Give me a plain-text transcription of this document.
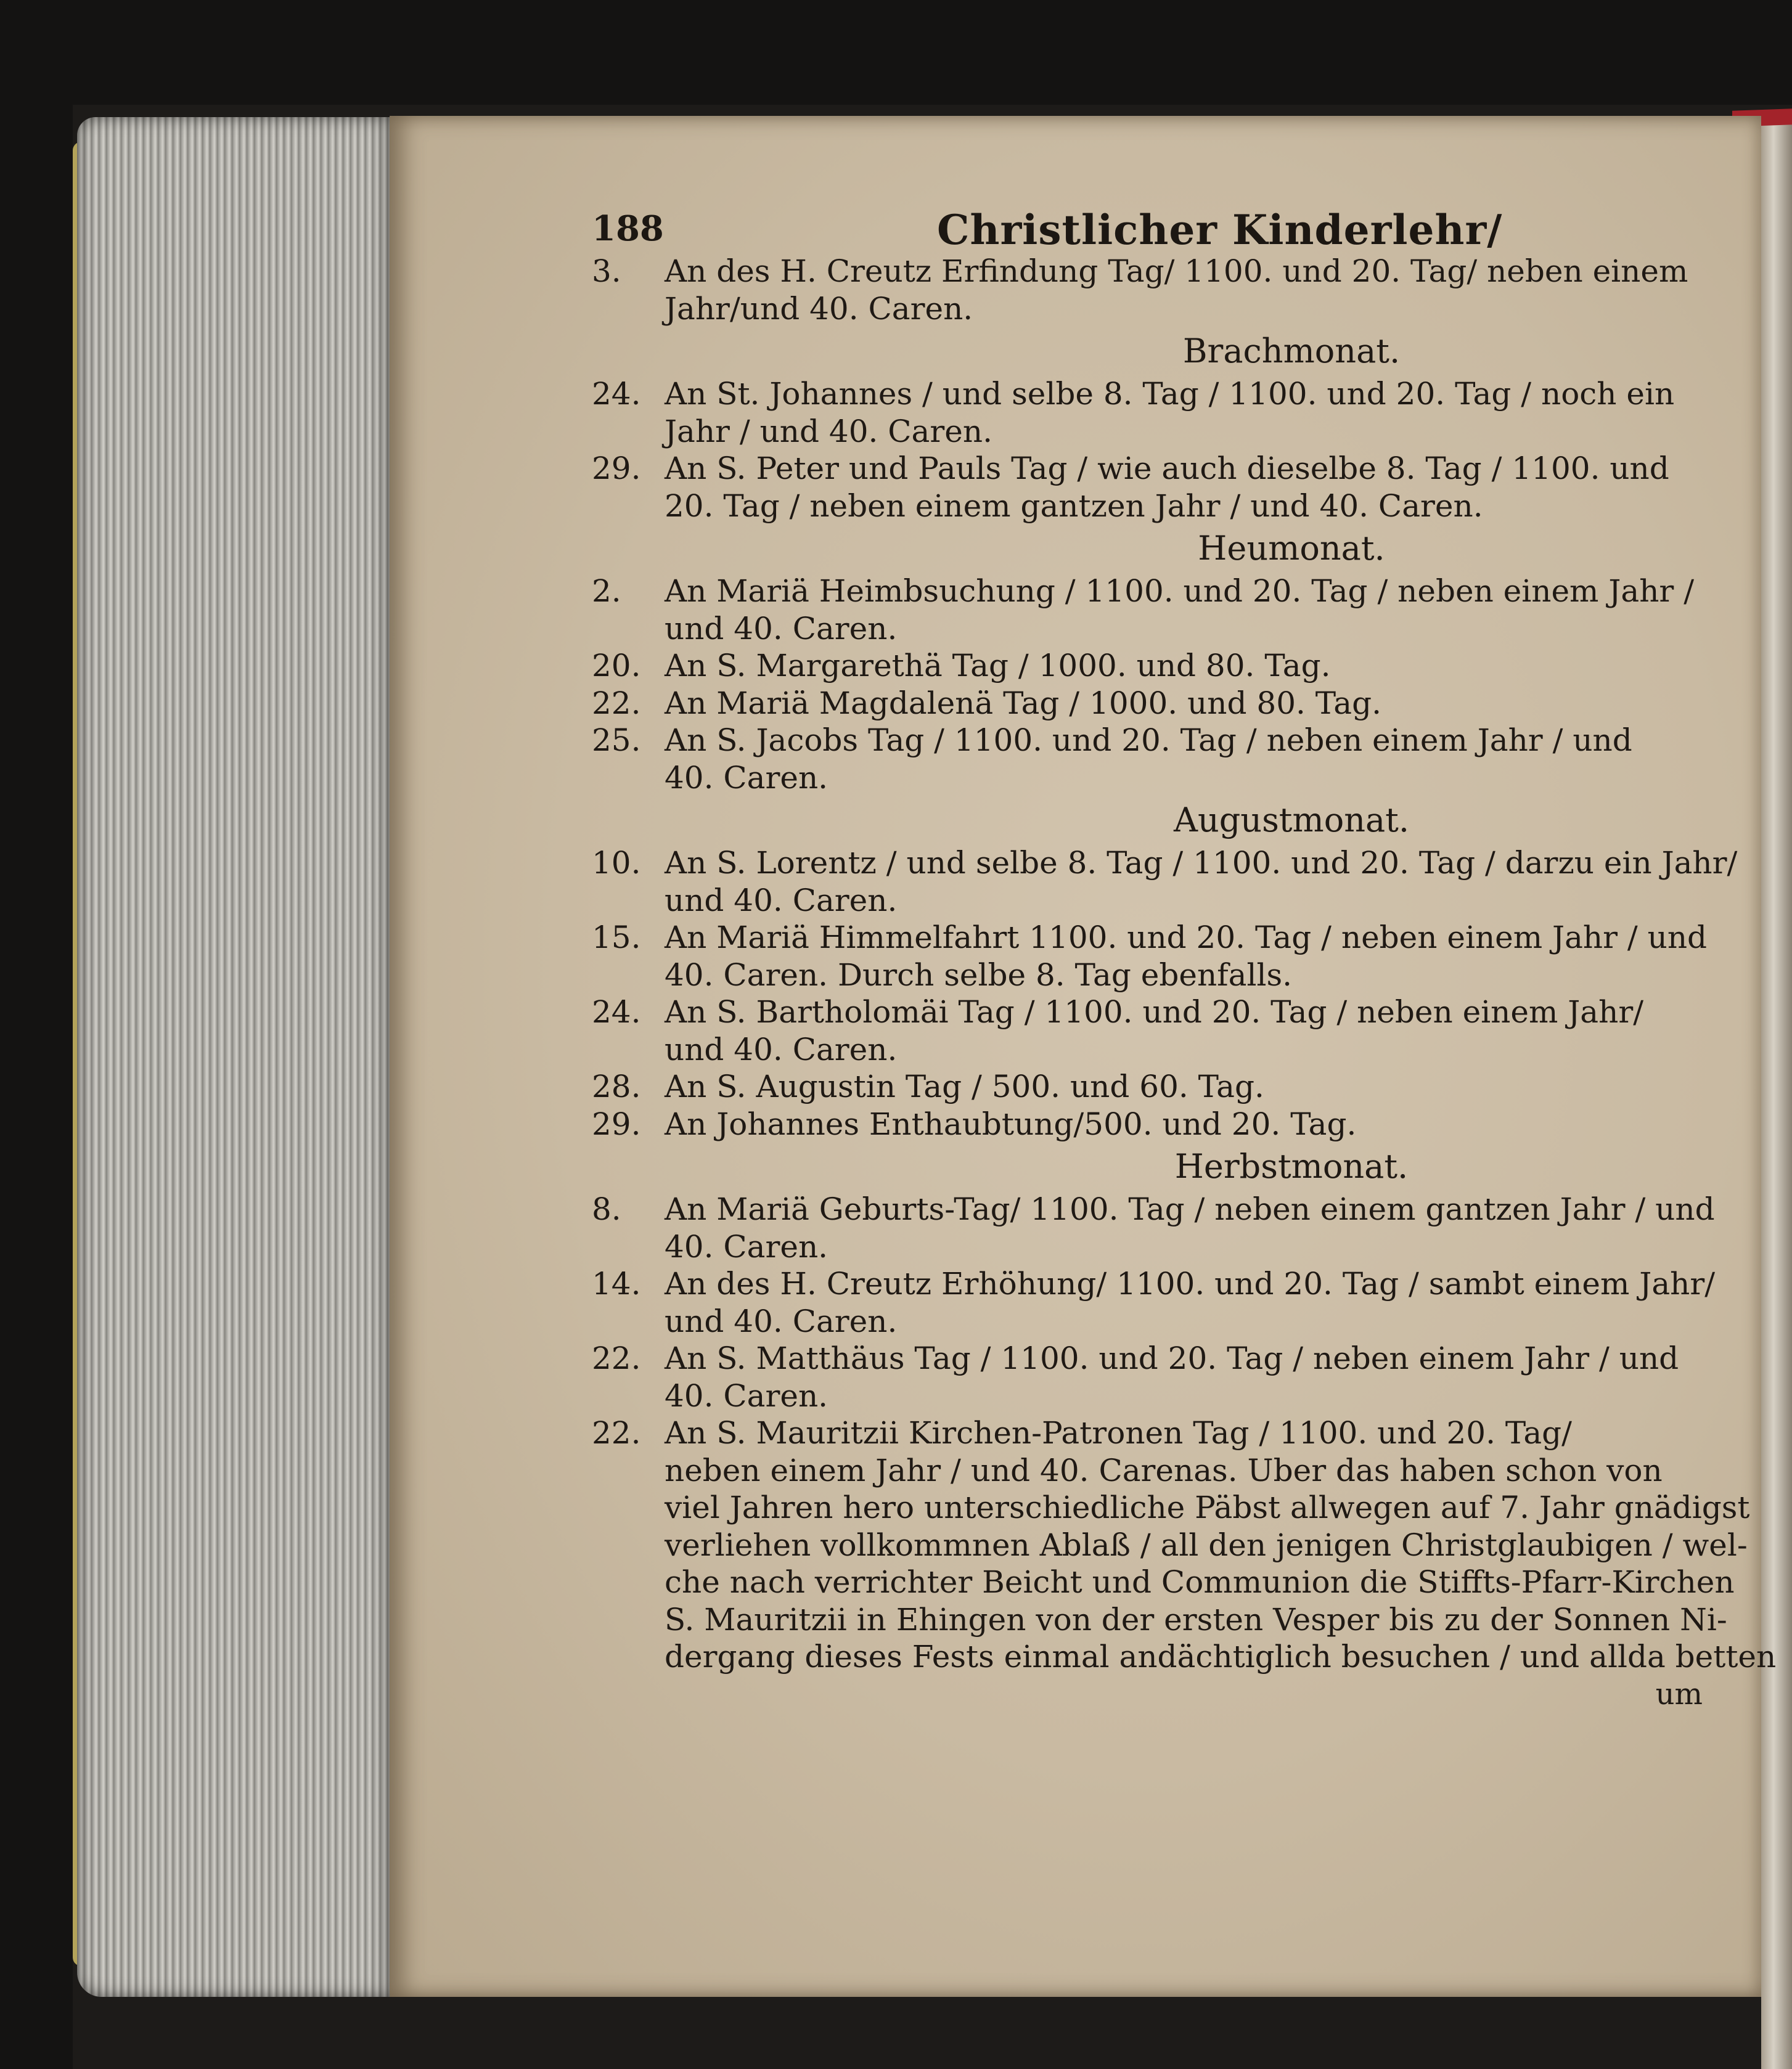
188	Christlicher Kinderlehr/
3. An des H. Creutz Erfindung Tag/ 1100. und 20. Tag/ neben einem
Jahr/und 40. Caren.
Brachmonat.
24. An St. Johannes / und selbe 8. Tag / 1100. und 20. Tag / noch ein
Jahr / und 40. Caren.
29. An S. Peter und Pauls Tag / wie auch dieselbe 8. Tag / 1100. und
20. Tag / neben einem gantzen Jahr / und 40. Caren.
Heumonat.
2. An Mariä Heimbsuchung / 1100. und 20. Tag / neben einem Jahr /
und 40. Caren.
20. An S. Margarethä Tag / 1000. und 80. Tag.
22. An Mariä Magdalenä Tag / 1000. und 80. Tag.
25. An S. Jacobs Tag / 1100. und 20. Tag / neben einem Jahr / und
40. Caren.
Augustmonat.
10. An S. Lorentz / und selbe 8. Tag / 1100. und 20. Tag / darzu ein Jahr/
und 40. Caren.
15. An Mariä Himmelfahrt 1100. und 20. Tag / neben einem Jahr / und
40. Caren. Durch selbe 8. Tag ebenfalls.
24. An S. Bartholomäi Tag / 1100. und 20. Tag / neben einem Jahr/
und 40. Caren.
28. An S. Augustin Tag / 500. und 60. Tag.
29. An Johannes Enthaubtung/500. und 20. Tag.
Herbstmonat.
8. An Mariä Geburts-Tag/ 1100. Tag / neben einem gantzen Jahr / und
40. Caren.
14. An des H. Creutz Erhöhung/ 1100. und 20. Tag / sambt einem Jahr/
und 40. Caren.
22. An S. Matthäus Tag / 1100. und 20. Tag / neben einem Jahr / und
40. Caren.
22. An S. Mauritzii Kirchen-Patronen Tag / 1100. und 20. Tag/
neben einem Jahr / und 40. Carenas. Uber das haben schon von
viel Jahren hero unterschiedliche Päbst allwegen auf 7. Jahr gnädigst
verliehen vollkommnen Ablaß / all den jenigen Christglaubigen / wel-
che nach verrichter Beicht und Communion die Stiffts-Pfarr-Kirchen
S. Mauritzii in Ehingen von der ersten Vesper bis zu der Sonnen Ni-
dergang dieses Fests einmal andächtiglich besuchen / und allda betten
um
